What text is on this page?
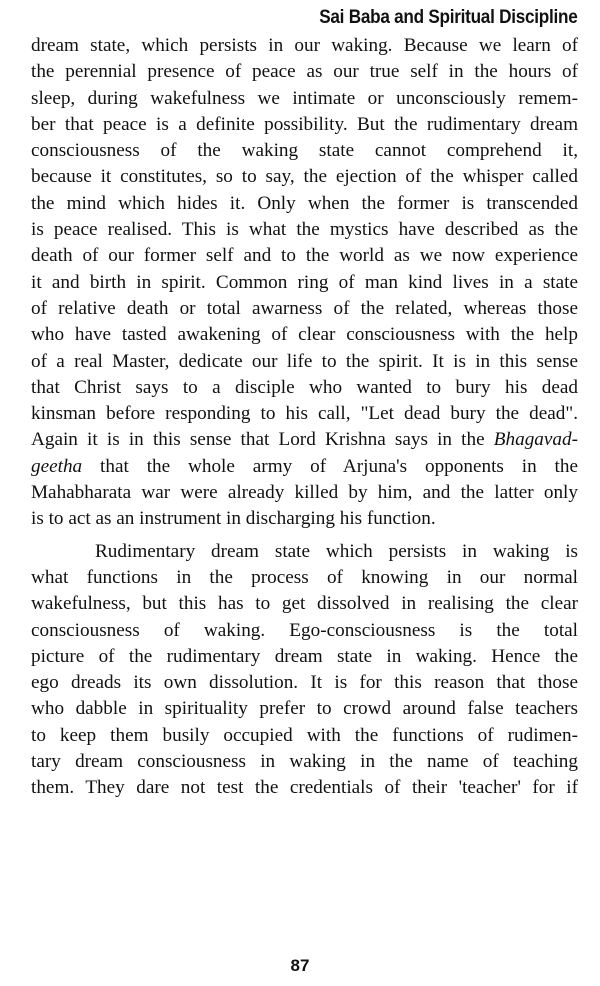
Sai Baba and Spiritual Discipline
dream state, which persists in our waking. Because we learn of
the perennial presence of peace as our true self in the hours of
sleep, during wakefulness we intimate or unconsciously remem-
ber that peace is a definite possibility. But the rudimentary dream
consciousness of the waking state cannot comprehend it,
because it constitutes, so to say, the ejection of the whisper called
the mind which hides it. Only when the former is transcended
is peace realised. This is what the mystics have described as the
death of our former self and to the world as we now experience
it and birth in spirit. Common ring of man kind lives in a state
of relative death or total awarness of the related, whereas those
who have tasted awakening of clear consciousness with the help
of a real Master, dedicate our life to the spirit. It is in this sense
that Christ says to a disciple who wanted to bury his dead
kinsman before responding to his call, "Let dead bury the dead".
Again it is in this sense that Lord Krishna says in the Bhagavad-
geetha that the whole army of Arjuna's opponents in the
Mahabharata war were already killed by him, and the latter only
is to act as an instrument in discharging his function.
Rudimentary dream state which persists in waking is
what functions in the process of knowing in our normal
wakefulness, but this has to get dissolved in realising the clear
consciousness of waking. Ego-consciousness is the total
picture of the rudimentary dream state in waking. Hence the
ego dreads its own dissolution. It is for this reason that those
who dabble in spirituality prefer to crowd around false teachers
to keep them busily occupied with the functions of rudimen-
tary dream consciousness in waking in the name of teaching
them. They dare not test the credentials of their 'teacher' for if
87
